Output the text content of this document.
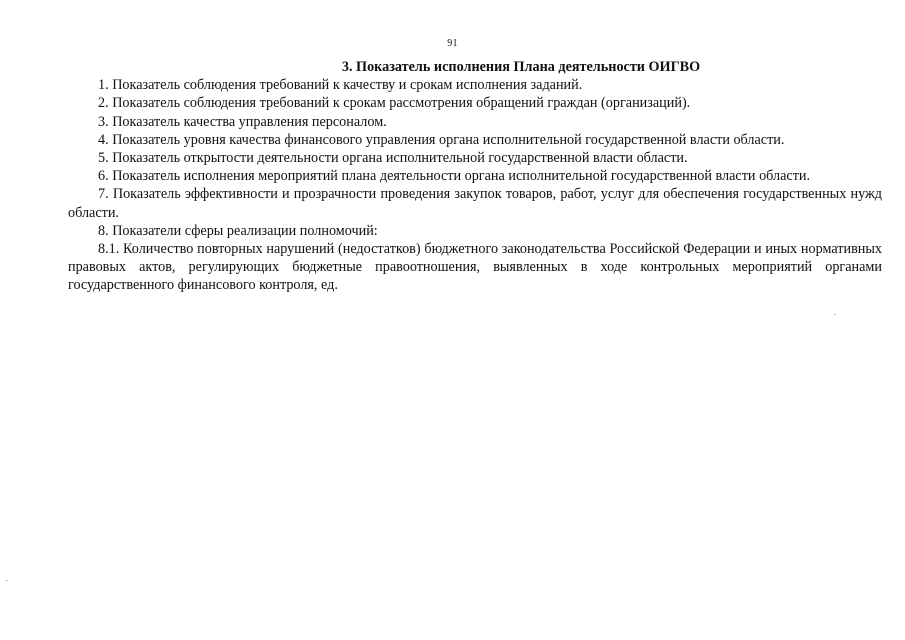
91

3. Показатель исполнения Плана деятельности ОИГВО

1. Показатель соблюдения требований к качеству и срокам исполнения заданий.

2. Показатель соблюдения требований к срокам рассмотрения обращений граждан (организаций).

3. Показатель качества управления персоналом.

4. Показатель уровня качества финансового управления органа исполнительной государственной власти области.

5. Показатель открытости деятельности органа исполнительной государственной власти области.

6. Показатель исполнения мероприятий плана деятельности органа исполнительной государственной власти области.

7. Показатель эффективности и прозрачности проведения закупок товаров, работ, услуг для обеспечения государственных нужд области.

8. Показатели сферы реализации полномочий:

8.1. Количество повторных нарушений (недостатков) бюджетного законодательства Российской Федерации и иных нормативных правовых актов, регулирующих бюджетные правоотношения, выявленных в ходе контрольных мероприятий органами государственного финансового контроля, ед.
